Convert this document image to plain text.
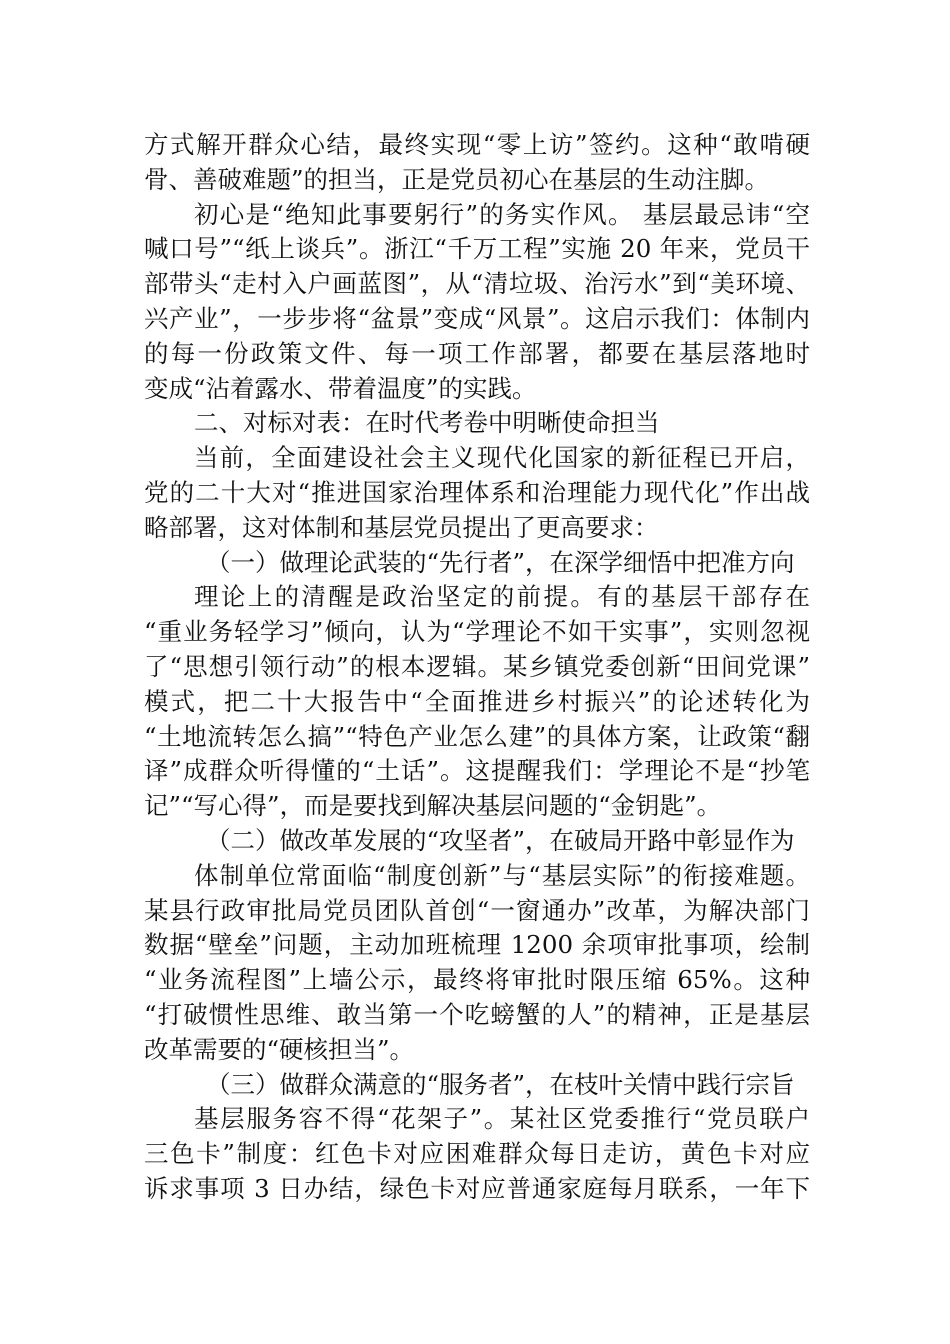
方式解开群众心结，最终实现“零上访”签约。这种“敢啃硬
骨、善破难题”的担当，正是党员初心在基层的生动注脚。
初心是“绝知此事要躬行”的务实作风。 基层最忌讳“空
喊口号”“纸上谈兵”。浙江“千万工程”实施 20 年来，党员干
部带头“走村入户画蓝图”，从“清垃圾、治污水”到“美环境、
兴产业”，一步步将“盆景”变成“风景”。这启示我们：体制内
的每一份政策文件、每一项工作部署，都要在基层落地时
变成“沾着露水、带着温度”的实践。
二、对标对表：在时代考卷中明晰使命担当
当前，全面建设社会主义现代化国家的新征程已开启，
党的二十大对“推进国家治理体系和治理能力现代化”作出战
略部署，这对体制和基层党员提出了更高要求：
（一）做理论武装的“先行者”，在深学细悟中把准方向
理论上的清醒是政治坚定的前提。有的基层干部存在
“重业务轻学习”倾向，认为“学理论不如干实事”，实则忽视
了“思想引领行动”的根本逻辑。某乡镇党委创新“田间党课”
模式，把二十大报告中“全面推进乡村振兴”的论述转化为
“土地流转怎么搞”“特色产业怎么建”的具体方案，让政策“翻
译”成群众听得懂的“土话”。这提醒我们：学理论不是“抄笔
记”“写心得”，而是要找到解决基层问题的“金钥匙”。
（二）做改革发展的“攻坚者”，在破局开路中彰显作为
体制单位常面临“制度创新”与“基层实际”的衔接难题。
某县行政审批局党员团队首创“一窗通办”改革，为解决部门
数据“壁垒”问题，主动加班梳理 1200 余项审批事项，绘制
“业务流程图”上墙公示，最终将审批时限压缩 65%。这种
“打破惯性思维、敢当第一个吃螃蟹的人”的精神，正是基层
改革需要的“硬核担当”。
（三）做群众满意的“服务者”，在枝叶关情中践行宗旨
基层服务容不得“花架子”。某社区党委推行“党员联户
三色卡”制度：红色卡对应困难群众每日走访，黄色卡对应
诉求事项 3 日办结，绿色卡对应普通家庭每月联系，一年下
